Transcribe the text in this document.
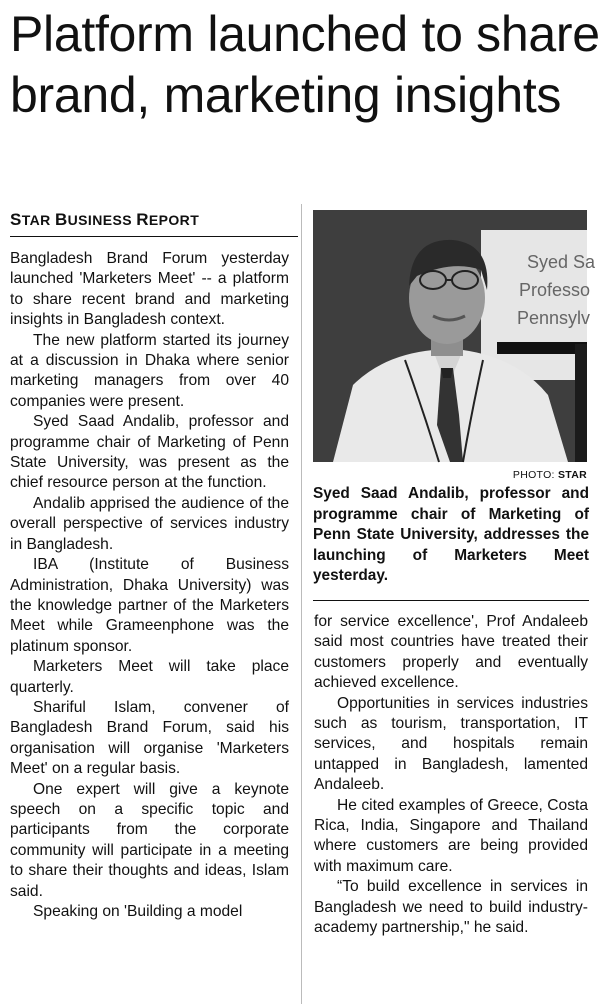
Platform launched to share brand, marketing insights
STAR BUSINESS REPORT

Bangladesh Brand Forum yesterday launched 'Marketers Meet' -- a platform to share recent brand and marketing insights in Bangladesh context.

The new platform started its journey at a discussion in Dhaka where senior marketing managers from over 40 companies were present.

Syed Saad Andalib, professor and programme chair of Marketing of Penn State University, was present as the chief resource person at the function.

Andalib apprised the audience of the overall perspective of services industry in Bangladesh.

IBA (Institute of Business Administration, Dhaka University) was the knowledge partner of the Marketers Meet while Grameenphone was the platinum sponsor.

Marketers Meet will take place quarterly.

Shariful Islam, convener of Bangladesh Brand Forum, said his organisation will organise 'Marketers Meet' on a regular basis.

One expert will give a keynote speech on a specific topic and participants from the corporate community will participate in a meeting to share their thoughts and ideas, Islam said.

Speaking on 'Building a model

Syed Sa
Professo
Pennsylv
PHOTO: STAR
Syed Saad Andalib, professor and programme chair of Marketing of Penn State University, addresses the launching of Marketers Meet yesterday.

for service excellence', Prof Andaleeb said most countries have treated their customers properly and eventually achieved excellence.

Opportunities in services industries such as tourism, transportation, IT services, and hospitals remain untapped in Bangladesh, lamented Andaleeb.

He cited examples of Greece, Costa Rica, India, Singapore and Thailand where customers are being provided with maximum care.

“To build excellence in services in Bangladesh we need to build industry-academy partnership," he said.
